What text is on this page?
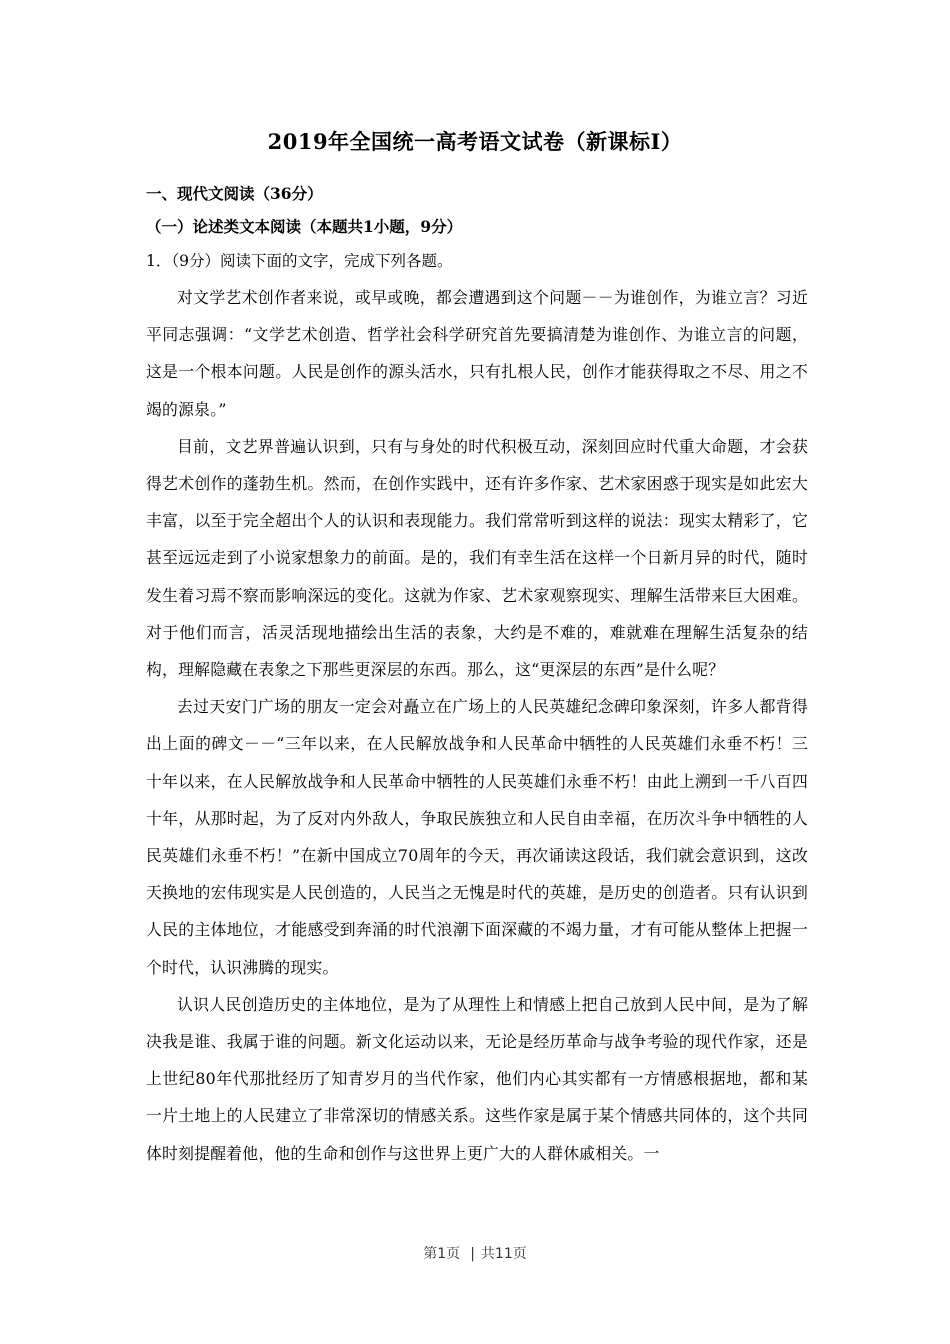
2019年全国统一高考语文试卷（新课标Ⅰ）
一、现代文阅读（36分）
（一）论述类文本阅读（本题共1小题，9分）
1．（9分）阅读下面的文字，完成下列各题。

对文学艺术创作者来说，或早或晚，都会遭遇到这个问题－－为谁创作，为谁立言？习近平同志强调：“文学艺术创造、哲学社会科学研究首先要搞清楚为谁创作、为谁立言的问题，这是一个根本问题。人民是创作的源头活水，只有扎根人民，创作才能获得取之不尽、用之不竭的源泉。”

目前，文艺界普遍认识到，只有与身处的时代积极互动，深刻回应时代重大命题，才会获得艺术创作的蓬勃生机。然而，在创作实践中，还有许多作家、艺术家困惑于现实是如此宏大丰富，以至于完全超出个人的认识和表现能力。我们常常听到这样的说法：现实太精彩了，它甚至远远走到了小说家想象力的前面。是的，我们有幸生活在这样一个日新月异的时代，随时发生着习焉不察而影响深远的变化。这就为作家、艺术家观察现实、理解生活带来巨大困难。对于他们而言，活灵活现地描绘出生活的表象，大约是不难的，难就难在理解生活复杂的结构，理解隐藏在表象之下那些更深层的东西。那么，这“更深层的东西”是什么呢？

去过天安门广场的朋友一定会对矗立在广场上的人民英雄纪念碑印象深刻，许多人都背得出上面的碑文－－“三年以来，在人民解放战争和人民革命中牺牲的人民英雄们永垂不朽！三十年以来，在人民解放战争和人民革命中牺牲的人民英雄们永垂不朽！由此上溯到一千八百四十年，从那时起，为了反对内外敌人，争取民族独立和人民自由幸福，在历次斗争中牺牲的人民英雄们永垂不朽！”在新中国成立70周年的今天，再次诵读这段话，我们就会意识到，这改天换地的宏伟现实是人民创造的，人民当之无愧是时代的英雄，是历史的创造者。只有认识到人民的主体地位，才能感受到奔涌的时代浪潮下面深藏的不竭力量，才有可能从整体上把握一个时代，认识沸腾的现实。

认识人民创造历史的主体地位，是为了从理性上和情感上把自己放到人民中间，是为了解决我是谁、我属于谁的问题。新文化运动以来，无论是经历革命与战争考验的现代作家，还是上世纪80年代那批经历了知青岁月的当代作家，他们内心其实都有一方情感根据地，都和某一片土地上的人民建立了非常深切的情感关系。这些作家是属于某个情感共同体的，这个共同体时刻提醒着他，他的生命和创作与这世界上更广大的人群休戚相关。一

第1页 | 共11页
